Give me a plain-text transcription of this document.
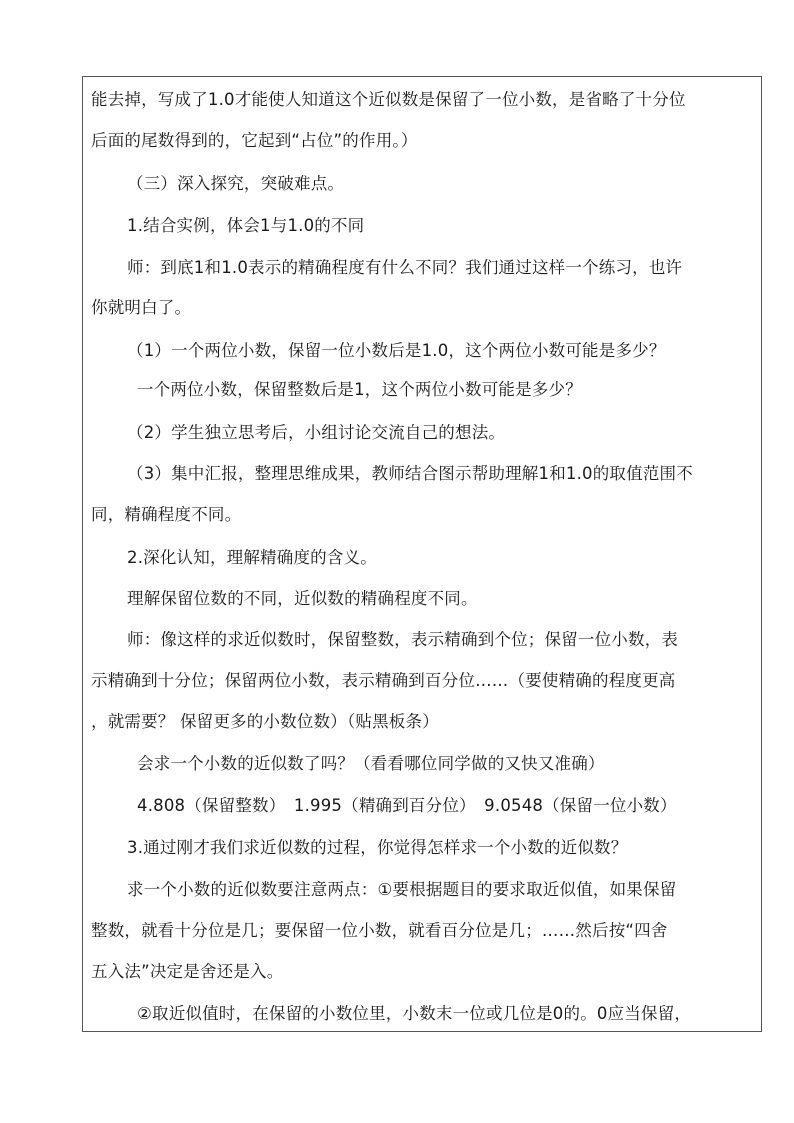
能去掉，写成了1.0才能使人知道这个近似数是保留了一位小数，是省略了十分位
后面的尾数得到的，它起到“占位”的作用。）
（三）深入探究，突破难点。
1.结合实例，体会1与1.0的不同
师：到底1和1.0表示的精确程度有什么不同？我们通过这样一个练习，也许
你就明白了。
（1）一个两位小数，保留一位小数后是1.0，这个两位小数可能是多少？
一个两位小数，保留整数后是1，这个两位小数可能是多少？
（2）学生独立思考后，小组讨论交流自己的想法。
（3）集中汇报，整理思维成果，教师结合图示帮助理解1和1.0的取值范围不
同，精确程度不同。
2.深化认知，理解精确度的含义。
理解保留位数的不同，近似数的精确程度不同。
师：像这样的求近似数时，保留整数，表示精确到个位；保留一位小数，表
示精确到十分位；保留两位小数，表示精确到百分位……（要使精确的程度更高
，就需要？ 保留更多的小数位数）（贴黑板条）
会求一个小数的近似数了吗？（看看哪位同学做的又快又准确）
4.808（保留整数）　1.995（精确到百分位）　9.0548（保留一位小数）
3.通过刚才我们求近似数的过程，你觉得怎样求一个小数的近似数？
求一个小数的近似数要注意两点：①要根据题目的要求取近似值，如果保留
整数，就看十分位是几；要保留一位小数，就看百分位是几；……然后按“四舍
五入法”决定是舍还是入。
②取近似值时，在保留的小数位里，小数末一位或几位是0的。0应当保留，
